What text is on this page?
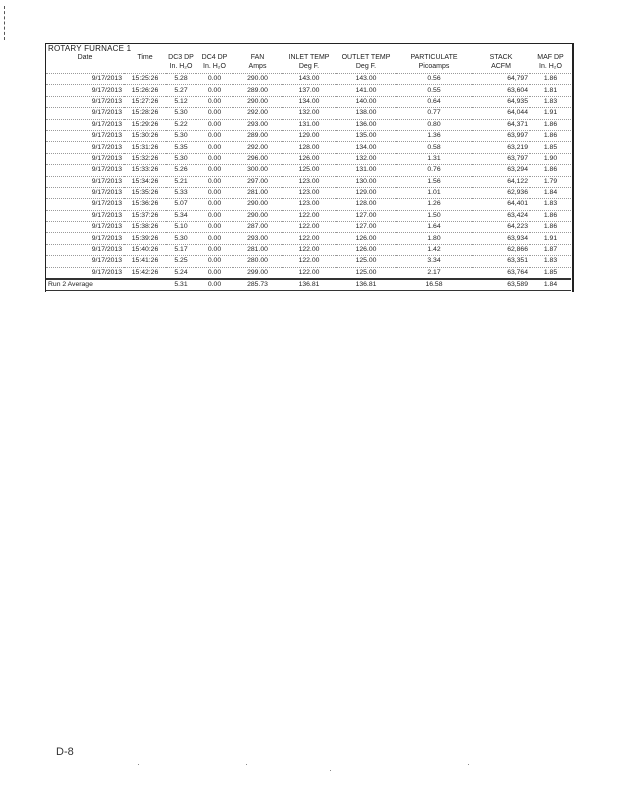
ROTARY FURNACE 1
Date	Time	DC3 DP	DC4 DP	FAN	INLET TEMP	OUTLET TEMP	PARTICULATE	STACK	MAF DP
		In. H₂O	In. H₂O	Amps	Deg F.	Deg F.	Picoamps	ACFM	In. H₂O
9/17/2013	15:25:26	5.28	0.00	290.00	143.00	143.00	0.56	64,797	1.86
9/17/2013	15:26:26	5.27	0.00	289.00	137.00	141.00	0.55	63,604	1.81
9/17/2013	15:27:26	5.12	0.00	290.00	134.00	140.00	0.64	64,935	1.83
9/17/2013	15:28:26	5.30	0.00	292.00	132.00	138.00	0.77	64,044	1.91
9/17/2013	15:29:26	5.22	0.00	293.00	131.00	136.00	0.80	64,371	1.86
9/17/2013	15:30:26	5.30	0.00	289.00	129.00	135.00	1.36	63,997	1.86
9/17/2013	15:31:26	5.35	0.00	292.00	128.00	134.00	0.58	63,219	1.85
9/17/2013	15:32:26	5.30	0.00	296.00	126.00	132.00	1.31	63,797	1.90
9/17/2013	15:33:26	5.26	0.00	300.00	125.00	131.00	0.76	63,294	1.86
9/17/2013	15:34:26	5.21	0.00	297.00	123.00	130.00	1.56	64,122	1.79
9/17/2013	15:35:26	5.33	0.00	281.00	123.00	129.00	1.01	62,936	1.84
9/17/2013	15:36:26	5.07	0.00	290.00	123.00	128.00	1.26	64,401	1.83
9/17/2013	15:37:26	5.34	0.00	290.00	122.00	127.00	1.50	63,424	1.86
9/17/2013	15:38:26	5.10	0.00	287.00	122.00	127.00	1.64	64,223	1.86
9/17/2013	15:39:26	5.30	0.00	293.00	122.00	126.00	1.80	63,934	1.91
9/17/2013	15:40:26	5.17	0.00	281.00	122.00	126.00	1.42	62,866	1.87
9/17/2013	15:41:26	5.25	0.00	280.00	122.00	125.00	3.34	63,351	1.83
9/17/2013	15:42:26	5.24	0.00	299.00	122.00	125.00	2.17	63,764	1.85
Run 2 Average		5.31	0.00	285.73	136.81	136.81	16.58	63,589	1.84
D-8
